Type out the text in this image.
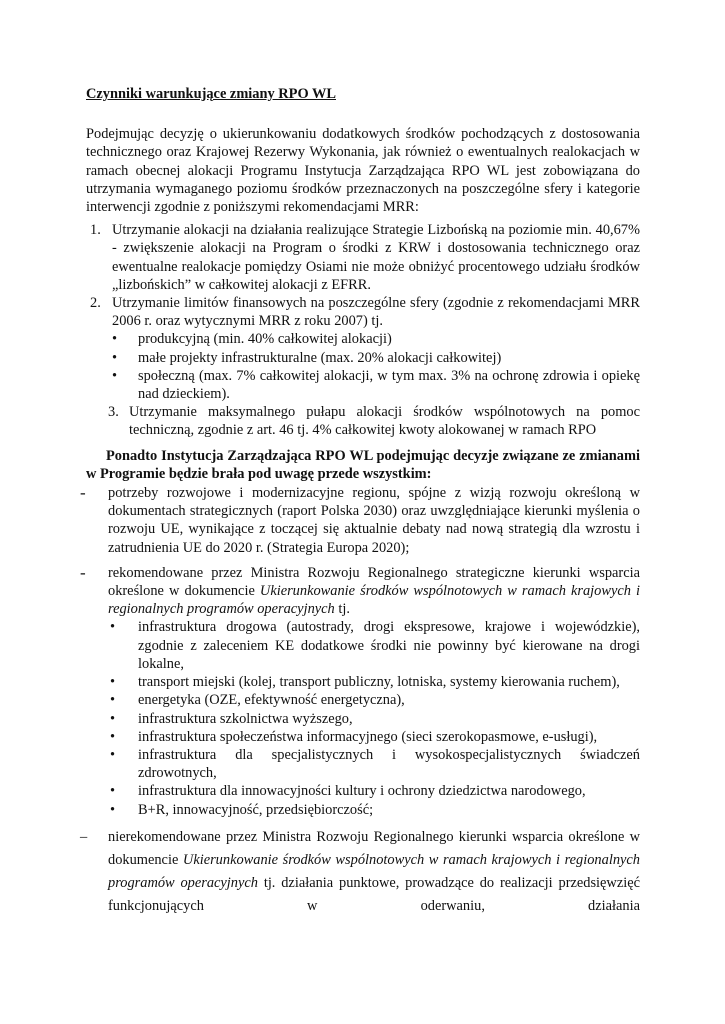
Czynniki warunkujące zmiany RPO WL

Podejmując decyzję o ukierunkowaniu dodatkowych środków pochodzących z dostosowania technicznego oraz Krajowej Rezerwy Wykonania, jak również o ewentualnych realokacjach w ramach obecnej alokacji Programu Instytucja Zarządzająca RPO WL jest zobowiązana do utrzymania wymaganego poziomu środków przeznaczonych na poszczególne sfery i kategorie interwencji zgodnie z poniższymi rekomendacjami MRR:

1. Utrzymanie alokacji na działania realizujące Strategie Lizbońską na poziomie min. 40,67% - zwiększenie alokacji na Program o środki z KRW i dostosowania technicznego oraz ewentualne realokacje pomiędzy Osiami nie może obniżyć procentowego udziału środków „lizbońskich” w całkowitej alokacji z EFRR.
2. Utrzymanie limitów finansowych na poszczególne sfery (zgodnie z rekomendacjami MRR 2006 r. oraz wytycznymi MRR z roku 2007) tj.
•	produkcyjną (min. 40% całkowitej alokacji)
•	małe projekty infrastrukturalne (max. 20% alokacji całkowitej)
•	społeczną (max. 7% całkowitej alokacji, w tym max. 3% na ochronę zdrowia i opiekę nad dzieckiem).
3. Utrzymanie maksymalnego pułapu alokacji środków wspólnotowych na pomoc techniczną, zgodnie z art. 46 tj. 4% całkowitej kwoty alokowanej w ramach RPO

Ponadto Instytucja Zarządzająca RPO WL podejmując decyzje związane ze zmianami w Programie będzie brała pod uwagę przede wszystkim:

-	potrzeby rozwojowe i modernizacyjne regionu, spójne z wizją rozwoju określoną w dokumentach strategicznych (raport Polska 2030) oraz uwzględniające kierunki myślenia o rozwoju UE, wynikające z toczącej się aktualnie debaty nad nową strategią dla wzrostu i zatrudnienia UE do 2020 r. (Strategia Europa 2020);
-	rekomendowane przez Ministra Rozwoju Regionalnego strategiczne kierunki wsparcia określone w dokumencie Ukierunkowanie środków wspólnotowych w ramach krajowych i regionalnych programów operacyjnych tj.
•	infrastruktura drogowa (autostrady, drogi ekspresowe, krajowe i wojewódzkie), zgodnie z zaleceniem KE dodatkowe środki nie powinny być kierowane na drogi lokalne,
•	transport miejski (kolej, transport publiczny, lotniska, systemy kierowania ruchem),
•	energetyka (OZE, efektywność energetyczna),
•	infrastruktura szkolnictwa wyższego,
•	infrastruktura społeczeństwa informacyjnego (sieci szerokopasmowe, e-usługi),
•	infrastruktura dla specjalistycznych i wysokospecjalistycznych świadczeń zdrowotnych,
•	infrastruktura dla innowacyjności kultury i ochrony dziedzictwa narodowego,
•	B+R, innowacyjność, przedsiębiorczość;
–	nierekomendowane przez Ministra Rozwoju Regionalnego kierunki wsparcia określone w dokumencie Ukierunkowanie środków wspólnotowych w ramach krajowych i regionalnych programów operacyjnych tj. działania punktowe, prowadzące do realizacji przedsięwzięć funkcjonujących w oderwaniu, działania
